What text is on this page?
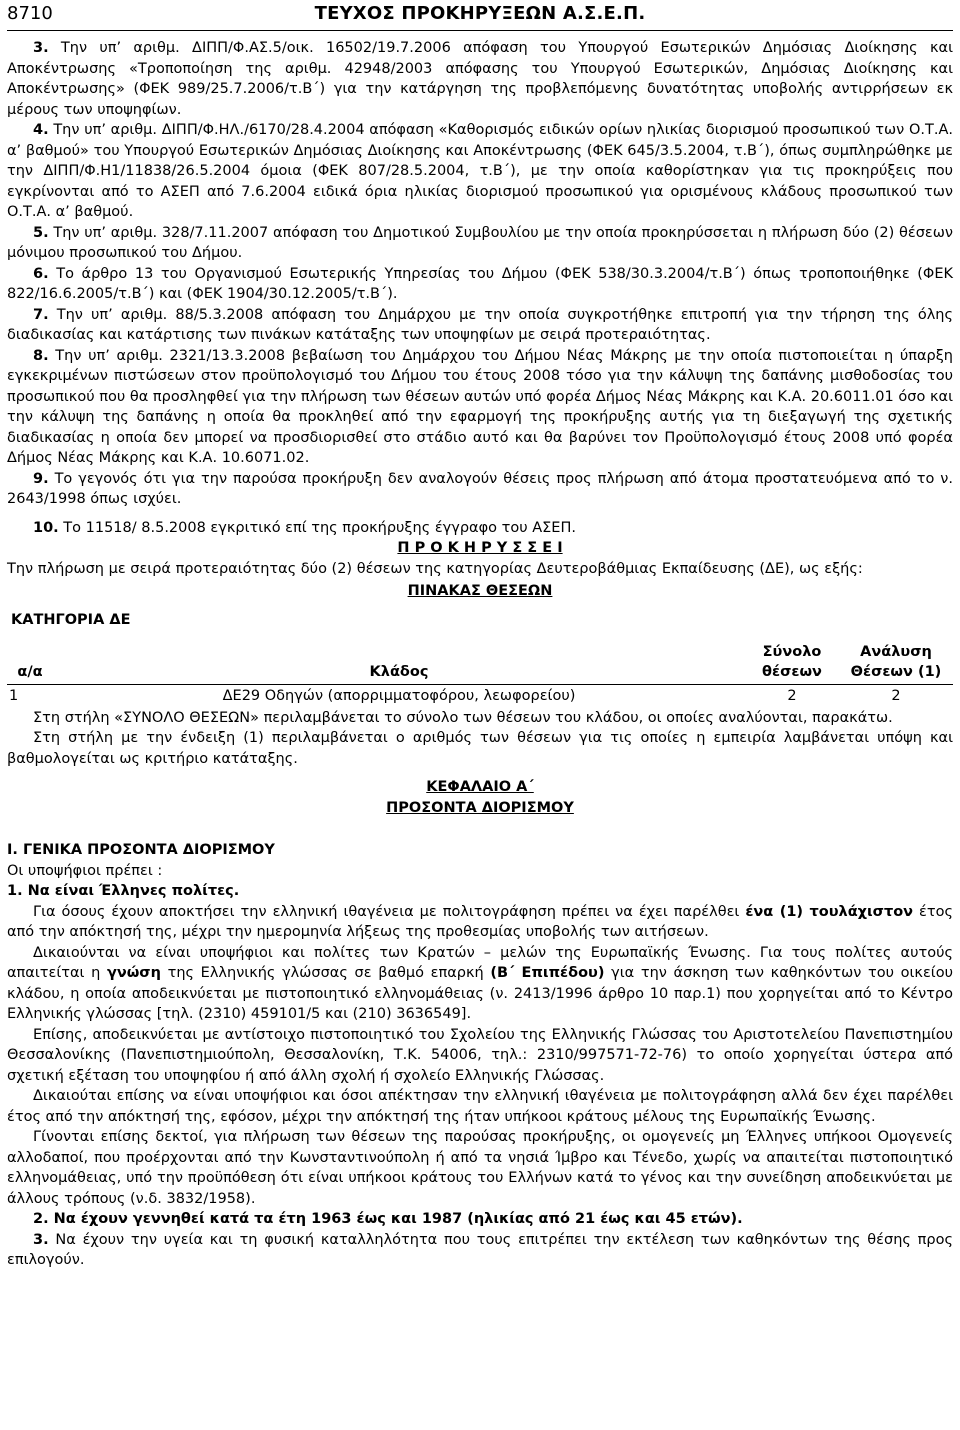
8710	ΤΕΥΧΟΣ ΠΡΟΚΗΡΥΞΕΩΝ Α.Σ.Ε.Π.

3. Την υπ’ αριθμ. ΔΙΠΠ/Φ.ΑΣ.5/οικ. 16502/19.7.2006 απόφαση του Υπουργού Εσωτερικών Δημόσιας Διοίκησης και Αποκέντρωσης «Τροποποίηση της αριθμ. 42948/2003 απόφασης του Υπουργού Εσωτερικών, Δημόσιας Διοίκησης και Αποκέντρωσης» (ΦΕΚ 989/25.7.2006/τ.Β΄) για την κατάργηση της προβλεπόμενης δυνατότητας υποβολής αντιρρήσεων εκ μέρους των υποψηφίων.

4. Την υπ’ αριθμ. ΔΙΠΠ/Φ.ΗΛ./6170/28.4.2004 απόφαση «Καθορισμός ειδικών ορίων ηλικίας διορισμού προσωπικού των Ο.Τ.Α. α’ βαθμού» του Υπουργού Εσωτερικών Δημόσιας Διοίκησης και Αποκέντρωσης (ΦΕΚ 645/3.5.2004, τ.Β΄), όπως συμπληρώθηκε με την ΔΙΠΠ/Φ.Η1/11838/26.5.2004 όμοια (ΦΕΚ 807/28.5.2004, τ.Β΄), με την οποία καθορίστηκαν για τις προκηρύξεις που εγκρίνονται από το ΑΣΕΠ από 7.6.2004 ειδικά όρια ηλικίας διορισμού προσωπικού για ορισμένους κλάδους προσωπικού των Ο.Τ.Α. α’ βαθμού.

5. Την υπ’ αριθμ. 328/7.11.2007 απόφαση του Δημοτικού Συμβουλίου με την οποία προκηρύσσεται η πλήρωση δύο (2) θέσεων μόνιμου προσωπικού του Δήμου.

6. Το άρθρο 13 του Οργανισμού Εσωτερικής Υπηρεσίας του Δήμου (ΦΕΚ 538/30.3.2004/τ.Β΄) όπως τροποποιήθηκε (ΦΕΚ 822/16.6.2005/τ.Β΄) και (ΦΕΚ 1904/30.12.2005/τ.Β΄).

7. Την υπ’ αριθμ. 88/5.3.2008 απόφαση του Δημάρχου με την οποία συγκροτήθηκε επιτροπή για την τήρηση της όλης διαδικασίας και κατάρτισης των πινάκων κατάταξης των υποψηφίων με σειρά προτεραιότητας.

8. Την υπ’ αριθμ. 2321/13.3.2008 βεβαίωση του Δημάρχου του Δήμου Νέας Μάκρης με την οποία πιστοποιείται η ύπαρξη εγκεκριμένων πιστώσεων στον προϋπολογισμό του Δήμου του έτους 2008 τόσο για την κάλυψη της δαπάνης μισθοδοσίας του προσωπικού που θα προσληφθεί για την πλήρωση των θέσεων αυτών υπό φορέα Δήμος Νέας Μάκρης και Κ.Α. 20.6011.01 όσο και την κάλυψη της δαπάνης η οποία θα προκληθεί από την εφαρμογή της προκήρυξης αυτής για τη διεξαγωγή της σχετικής διαδικασίας η οποία δεν μπορεί να προσδιορισθεί στο στάδιο αυτό και θα βαρύνει τον Προϋπολογισμό έτους 2008 υπό φορέα Δήμος Νέας Μάκρης και Κ.Α. 10.6071.02.

9. Το γεγονός ότι για την παρούσα προκήρυξη δεν αναλογούν θέσεις προς πλήρωση από άτομα προστατευόμενα από το ν. 2643/1998 όπως ισχύει.

10. Το 11518/ 8.5.2008 εγκριτικό επί της προκήρυξης έγγραφο του ΑΣΕΠ.

Π Ρ Ο Κ Η Ρ Υ Σ Σ Ε Ι

Την πλήρωση με σειρά προτεραιότητας δύο (2) θέσεων της κατηγορίας Δευτεροβάθμιας Εκπαίδευσης (ΔΕ), ως εξής:

ΠΙΝΑΚΑΣ ΘΕΣΕΩΝ

ΚΑΤΗΓΟΡΙΑ ΔΕ

α/α	Κλάδος	Σύνολο θέσεων	Ανάλυση Θέσεων (1)
1	ΔΕ29 Οδηγών (απορριμματοφόρου, λεωφορείου)	2	2

Στη στήλη «ΣΥΝΟΛΟ ΘΕΣΕΩΝ» περιλαμβάνεται το σύνολο των θέσεων του κλάδου, οι οποίες αναλύονται, παρακάτω.

Στη στήλη με την ένδειξη (1) περιλαμβάνεται ο αριθμός των θέσεων για τις οποίες η εμπειρία λαμβάνεται υπόψη και βαθμολογείται ως κριτήριο κατάταξης.

ΚΕΦΑΛΑΙΟ Α΄

ΠΡΟΣΟΝΤΑ ΔΙΟΡΙΣΜΟΥ

Ι. ΓΕΝΙΚΑ ΠΡΟΣΟΝΤΑ ΔΙΟΡΙΣΜΟΥ

Οι υποψήφιοι πρέπει :

1. Να είναι Έλληνες πολίτες.

Για όσους έχουν αποκτήσει την ελληνική ιθαγένεια με πολιτογράφηση πρέπει να έχει παρέλθει ένα (1) τουλάχιστον έτος από την απόκτησή της, μέχρι την ημερομηνία λήξεως της προθεσμίας υποβολής των αιτήσεων.

Δικαιούνται να είναι υποψήφιοι και πολίτες των Κρατών – μελών της Ευρωπαϊκής Ένωσης. Για τους πολίτες αυτούς απαιτείται η γνώση της Ελληνικής γλώσσας σε βαθμό επαρκή (Β΄ Επιπέδου) για την άσκηση των καθηκόντων του οικείου κλάδου, η οποία αποδεικνύεται με πιστοποιητικό ελληνομάθειας (ν. 2413/1996 άρθρο 10 παρ.1) που χορηγείται από το Κέντρο Ελληνικής γλώσσας [τηλ. (2310) 459101/5 και (210) 3636549].

Επίσης, αποδεικνύεται με αντίστοιχο πιστοποιητικό του Σχολείου της Ελληνικής Γλώσσας του Αριστοτελείου Πανεπιστημίου Θεσσαλονίκης (Πανεπιστημιούπολη, Θεσσαλονίκη, Τ.Κ. 54006, τηλ.: 2310/997571-72-76) το οποίο χορηγείται ύστερα από σχετική εξέταση του υποψηφίου ή από άλλη σχολή ή σχολείο Ελληνικής Γλώσσας.

Δικαιούται επίσης να είναι υποψήφιοι και όσοι απέκτησαν την ελληνική ιθαγένεια με πολιτογράφηση αλλά δεν έχει παρέλθει έτος από την απόκτησή της, εφόσον, μέχρι την απόκτησή της ήταν υπήκοοι κράτους μέλους της Ευρωπαϊκής Ένωσης.

Γίνονται επίσης δεκτοί, για πλήρωση των θέσεων της παρούσας προκήρυξης, οι ομογενείς μη Έλληνες υπήκοοι Ομογενείς αλλοδαποί, που προέρχονται από την Κωνσταντινούπολη ή από τα νησιά Ίμβρο και Τένεδο, χωρίς να απαιτείται πιστοποιητικό ελληνομάθειας, υπό την προϋπόθεση ότι είναι υπήκοοι κράτους του Ελλήνων κατά το γένος και την συνείδηση αποδεικνύεται με άλλους τρόπους (ν.δ. 3832/1958).

2. Να έχουν γεννηθεί κατά τα έτη 1963 έως και 1987 (ηλικίας από 21 έως και 45 ετών).

3. Να έχουν την υγεία και τη φυσική καταλληλότητα που τους επιτρέπει την εκτέλεση των καθηκόντων της θέσης προς επιλογούν.
